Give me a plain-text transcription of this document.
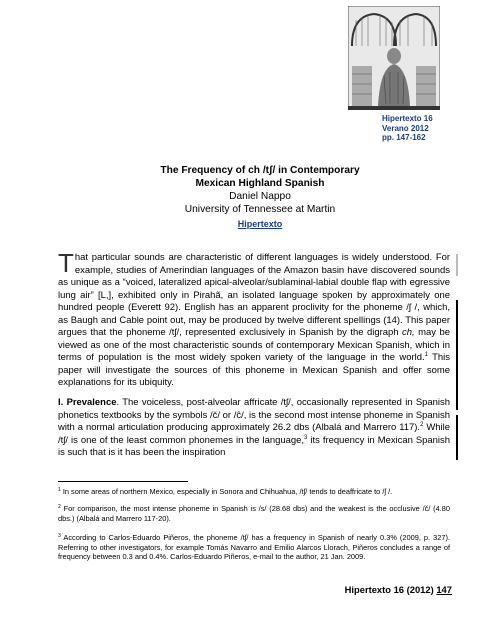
Hipertexto 16
Verano 2012
pp. 147-162
The Frequency of ch /tʃ/ in Contemporary
Mexican Highland Spanish
Daniel Nappo
University of Tennessee at Martin
Hipertexto
That particular sounds are characteristic of different languages is widely understood. For example, studies of Amerindian languages of the Amazon basin have discovered sounds as unique as a “voiced, lateralized apical-alveolar/sublaminal-labial double flap with egressive lung air” [L,], exhibited only in Pirahã, an isolated language spoken by approximately one hundred people (Everett 92). English has an apparent proclivity for the phoneme /ʃ /, which, as Baugh and Cable point out, may be produced by twelve different spellings (14). This paper argues that the phoneme /tʃ/, represented exclusively in Spanish by the digraph ch, may be viewed as one of the most characteristic sounds of contemporary Mexican Spanish, which in terms of population is the most widely spoken variety of the language in the world.$^1$ This paper will investigate the sources of this phoneme in Mexican Spanish and offer some explanations for its ubiquity.
I. Prevalence. The voiceless, post-alveolar affricate /tʃ/, occasionally represented in Spanish phonetics textbooks by the symbols /č/ or /ĉ/, is the second most intense phoneme in Spanish with a normal articulation producing approximately 26.2 dbs (Albalá and Marrero 117).$^2$ While /tʃ/ is one of the least common phonemes in the language,$^3$ its frequency in Mexican Spanish is such that is it has been the inspiration
$^1$ In some areas of northern Mexico, especially in Sonora and Chihuahua, /tʃ/ tends to deaffricate to /ʃ /.
$^2$ For comparison, the most intense phoneme in Spanish is /s/ (28.68 dbs) and the weakest is the occlusive /č/ (4.80 dbs.) (Albalá and Marrero 117-20).
$^3$ According to Carlos-Eduardo Piñeros, the phoneme /tʃ/ has a frequency in Spanish of nearly 0.3% (2009, p. 327). Referring to other investigators, for example Tomás Navarro and Emilio Alarcos Llorach, Piñeros concludes a range of frequency between 0.3 and 0.4%. Carlos-Eduardo Piñeros, e-mail to the author, 21 Jan. 2009.
Hipertexto 16 (2012) 147
